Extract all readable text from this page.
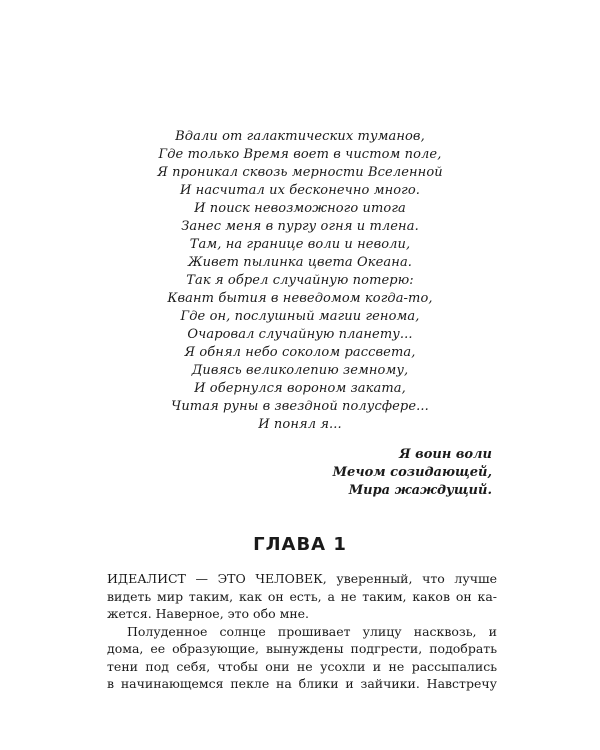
Вдали от галактических туманов,
Где только Время воет в чистом поле,
Я проникал сквозь мерности Вселенной
И насчитал их бесконечно много.
И поиск невозможного итога
Занес меня в пургу огня и тлена.
Там, на границе воли и неволи,
Живет пылинка цвета Океана.
Так я обрел случайную потерю:
Квант бытия в неведомом когда-то,
Где он, послушный магии генома,
Очаровал случайную планету...
Я обнял небо соколом рассвета,
Дивясь великолепию земному,
И обернулся вороном заката,
Читая руны в звездной полусфере...
И понял я...
Я воин воли
Мечом созидающей,
Мира жаждущий.
ГЛАВА 1
ИДЕАЛИСТ — ЭТО ЧЕЛОВЕК, уверенный, что лучше
видеть мир таким, как он есть, а не таким, каков он ка-
жется. Наверное, это обо мне.
Полуденное солнце прошивает улицу насквозь, и
дома, ее образующие, вынуждены подгрести, подобрать
тени под себя, чтобы они не усохли и не рассыпались
в начинающемся пекле на блики и зайчики. Навстречу
